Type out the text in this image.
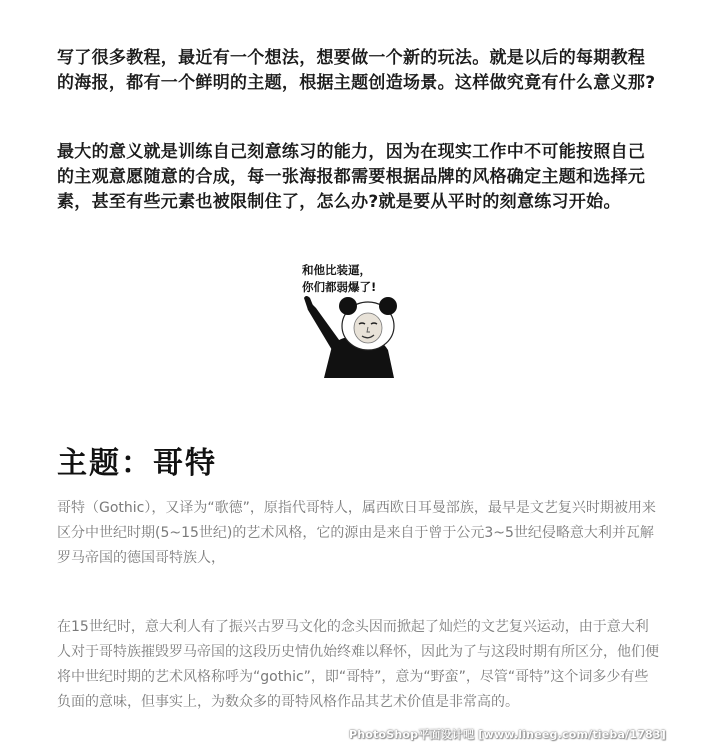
写了很多教程，最近有一个想法，想要做一个新的玩法。就是以后的每期教程的海报，都有一个鲜明的主题，根据主题创造场景。这样做究竟有什么意义那?

最大的意义就是训练自己刻意练习的能力，因为在现实工作中不可能按照自己的主观意愿随意的合成，每一张海报都需要根据品牌的风格确定主题和选择元素，甚至有些元素也被限制住了，怎么办?就是要从平时的刻意练习开始。

和他比装逼，
你们都弱爆了!
主题：哥特

哥特（Gothic），又译为“歌德”，原指代哥特人，属西欧日耳曼部族，最早是文艺复兴时期被用来区分中世纪时期(5~15世纪)的艺术风格，它的源由是来自于曾于公元3~5世纪侵略意大利并瓦解罗马帝国的德国哥特族人，

在15世纪时，意大利人有了振兴古罗马文化的念头因而掀起了灿烂的文艺复兴运动，由于意大利人对于哥特族摧毁罗马帝国的这段历史情仇始终难以释怀，因此为了与这段时期有所区分，他们便将中世纪时期的艺术风格称呼为“gothic”，即“哥特”，意为“野蛮”，尽管“哥特”这个词多少有些负面的意味，但事实上，为数众多的哥特风格作品其艺术价值是非常高的。

PhotoShop平面设计吧 [www.lineeg.com/tieba/1783]
